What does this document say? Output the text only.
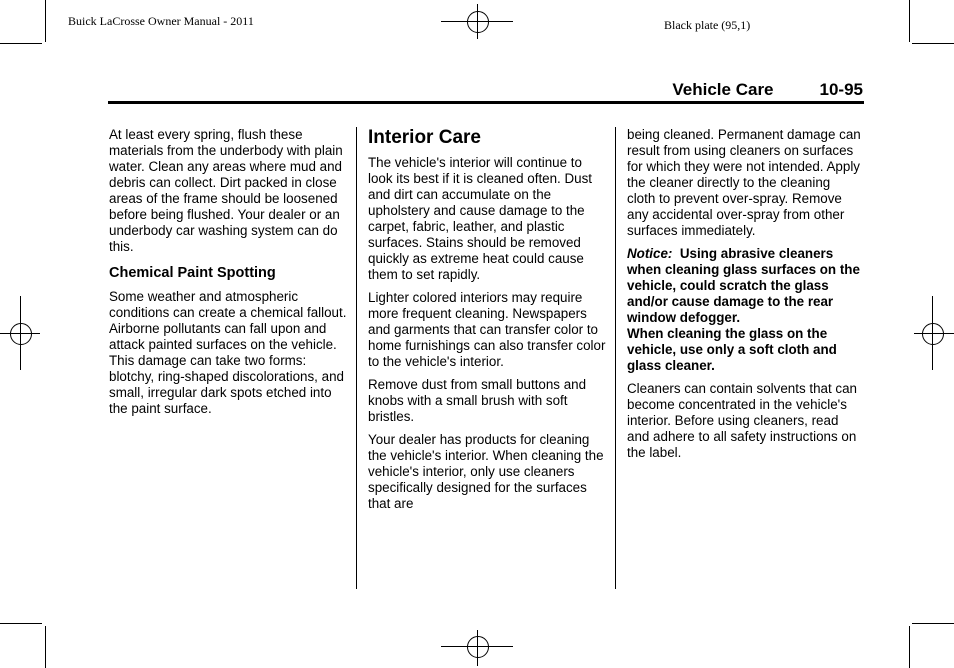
Buick LaCrosse Owner Manual - 2011	Black plate (95,1)
Vehicle Care	10-95

At least every spring, flush these materials from the underbody with plain water. Clean any areas where mud and debris can collect. Dirt packed in close areas of the frame should be loosened before being flushed. Your dealer or an underbody car washing system can do this.

Chemical Paint Spotting

Some weather and atmospheric conditions can create a chemical fallout. Airborne pollutants can fall upon and attack painted surfaces on the vehicle. This damage can take two forms: blotchy, ring-shaped discolorations, and small, irregular dark spots etched into the paint surface.

Interior Care

The vehicle's interior will continue to look its best if it is cleaned often. Dust and dirt can accumulate on the upholstery and cause damage to the carpet, fabric, leather, and plastic surfaces. Stains should be removed quickly as extreme heat could cause them to set rapidly.

Lighter colored interiors may require more frequent cleaning. Newspapers and garments that can transfer color to home furnishings can also transfer color to the vehicle's interior.

Remove dust from small buttons and knobs with a small brush with soft bristles.

Your dealer has products for cleaning the vehicle's interior. When cleaning the vehicle's interior, only use cleaners specifically designed for the surfaces that are

being cleaned. Permanent damage can result from using cleaners on surfaces for which they were not intended. Apply the cleaner directly to the cleaning cloth to prevent over-spray. Remove any accidental over-spray from other surfaces immediately.

Notice: Using abrasive cleaners when cleaning glass surfaces on the vehicle, could scratch the glass and/or cause damage to the rear window defogger.
When cleaning the glass on the vehicle, use only a soft cloth and glass cleaner.

Cleaners can contain solvents that can become concentrated in the vehicle's interior. Before using cleaners, read and adhere to all safety instructions on the label.
